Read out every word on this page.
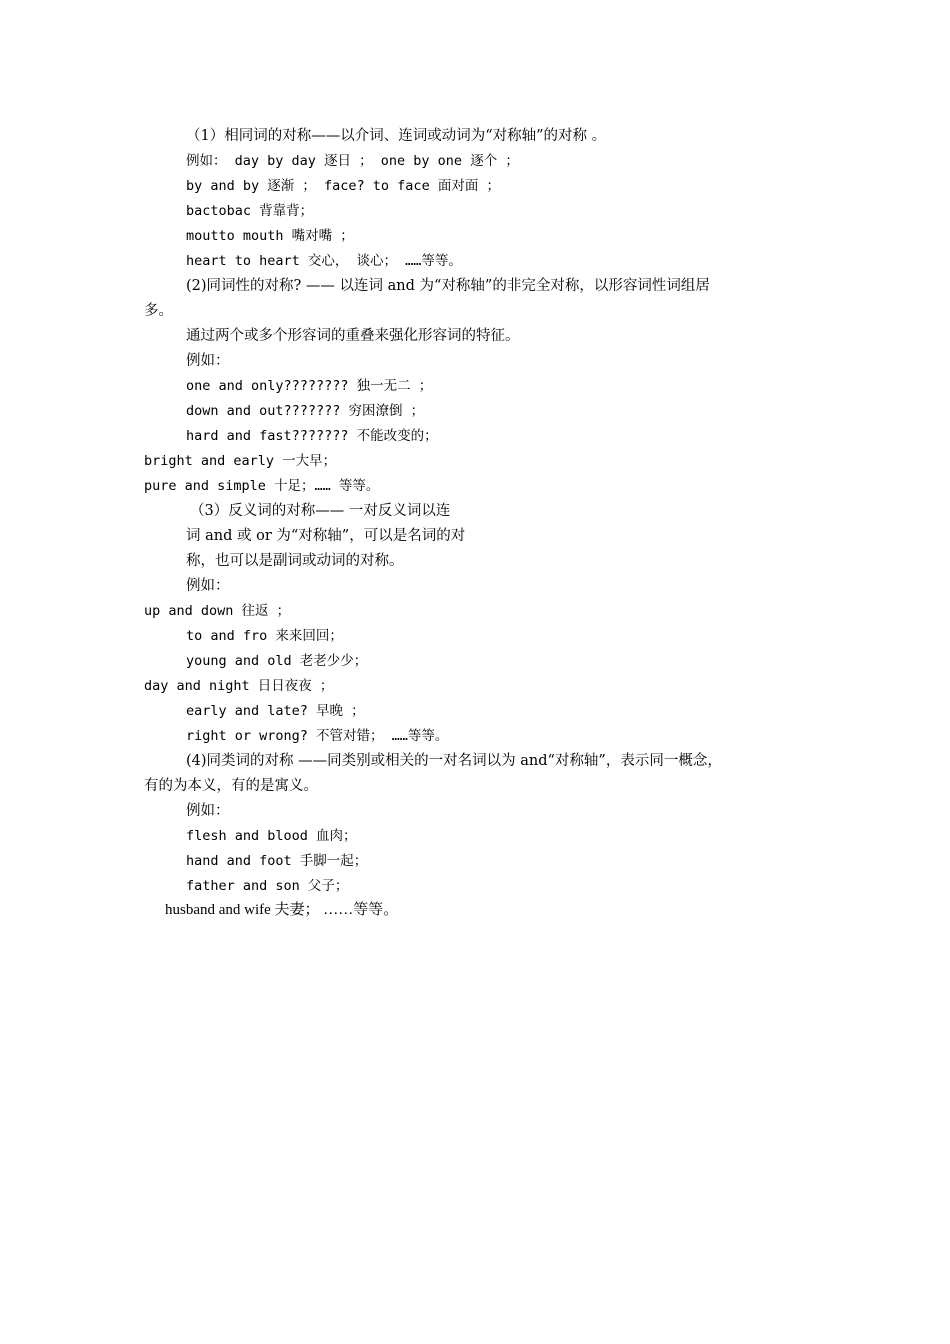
（1）相同词的对称——以介词、连词或动词为“对称轴”的对称 。
例如： day by day 逐日 ； one by one 逐个 ；
by and by 逐渐 ； face? to face 面对面 ；
bactobac 背靠背；
moutto mouth 嘴对嘴 ；
heart to heart 交心， 谈心； ……等等。
(2)同词性的对称? —— 以连词 and 为“对称轴”的非完全对称，以形容词性词组居
多。
通过两个或多个形容词的重叠来强化形容词的特征。
例如：
one and only???????? 独一无二 ；
down and out??????? 穷困潦倒 ；
hard and fast??????? 不能改变的；
bright and early 一大早；
pure and simple 十足；…… 等等。
（3）反义词的对称—— 一对反义词以连
词 and 或 or 为“对称轴”，可以是名词的对
称，也可以是副词或动词的对称。
例如：
up and down 往返 ；
to and fro 来来回回；
young and old 老老少少；
day and night 日日夜夜 ；
early and late? 早晚 ；
right or wrong? 不管对错； ……等等。
(4)同类词的对称 ——同类别或相关的一对名词以为 and“对称轴”，表示同一概念，
有的为本义，有的是寓义。
例如：
flesh and blood 血肉；
hand and foot 手脚一起；
father and son 父子；
husband and wife 夫妻； ……等等。
